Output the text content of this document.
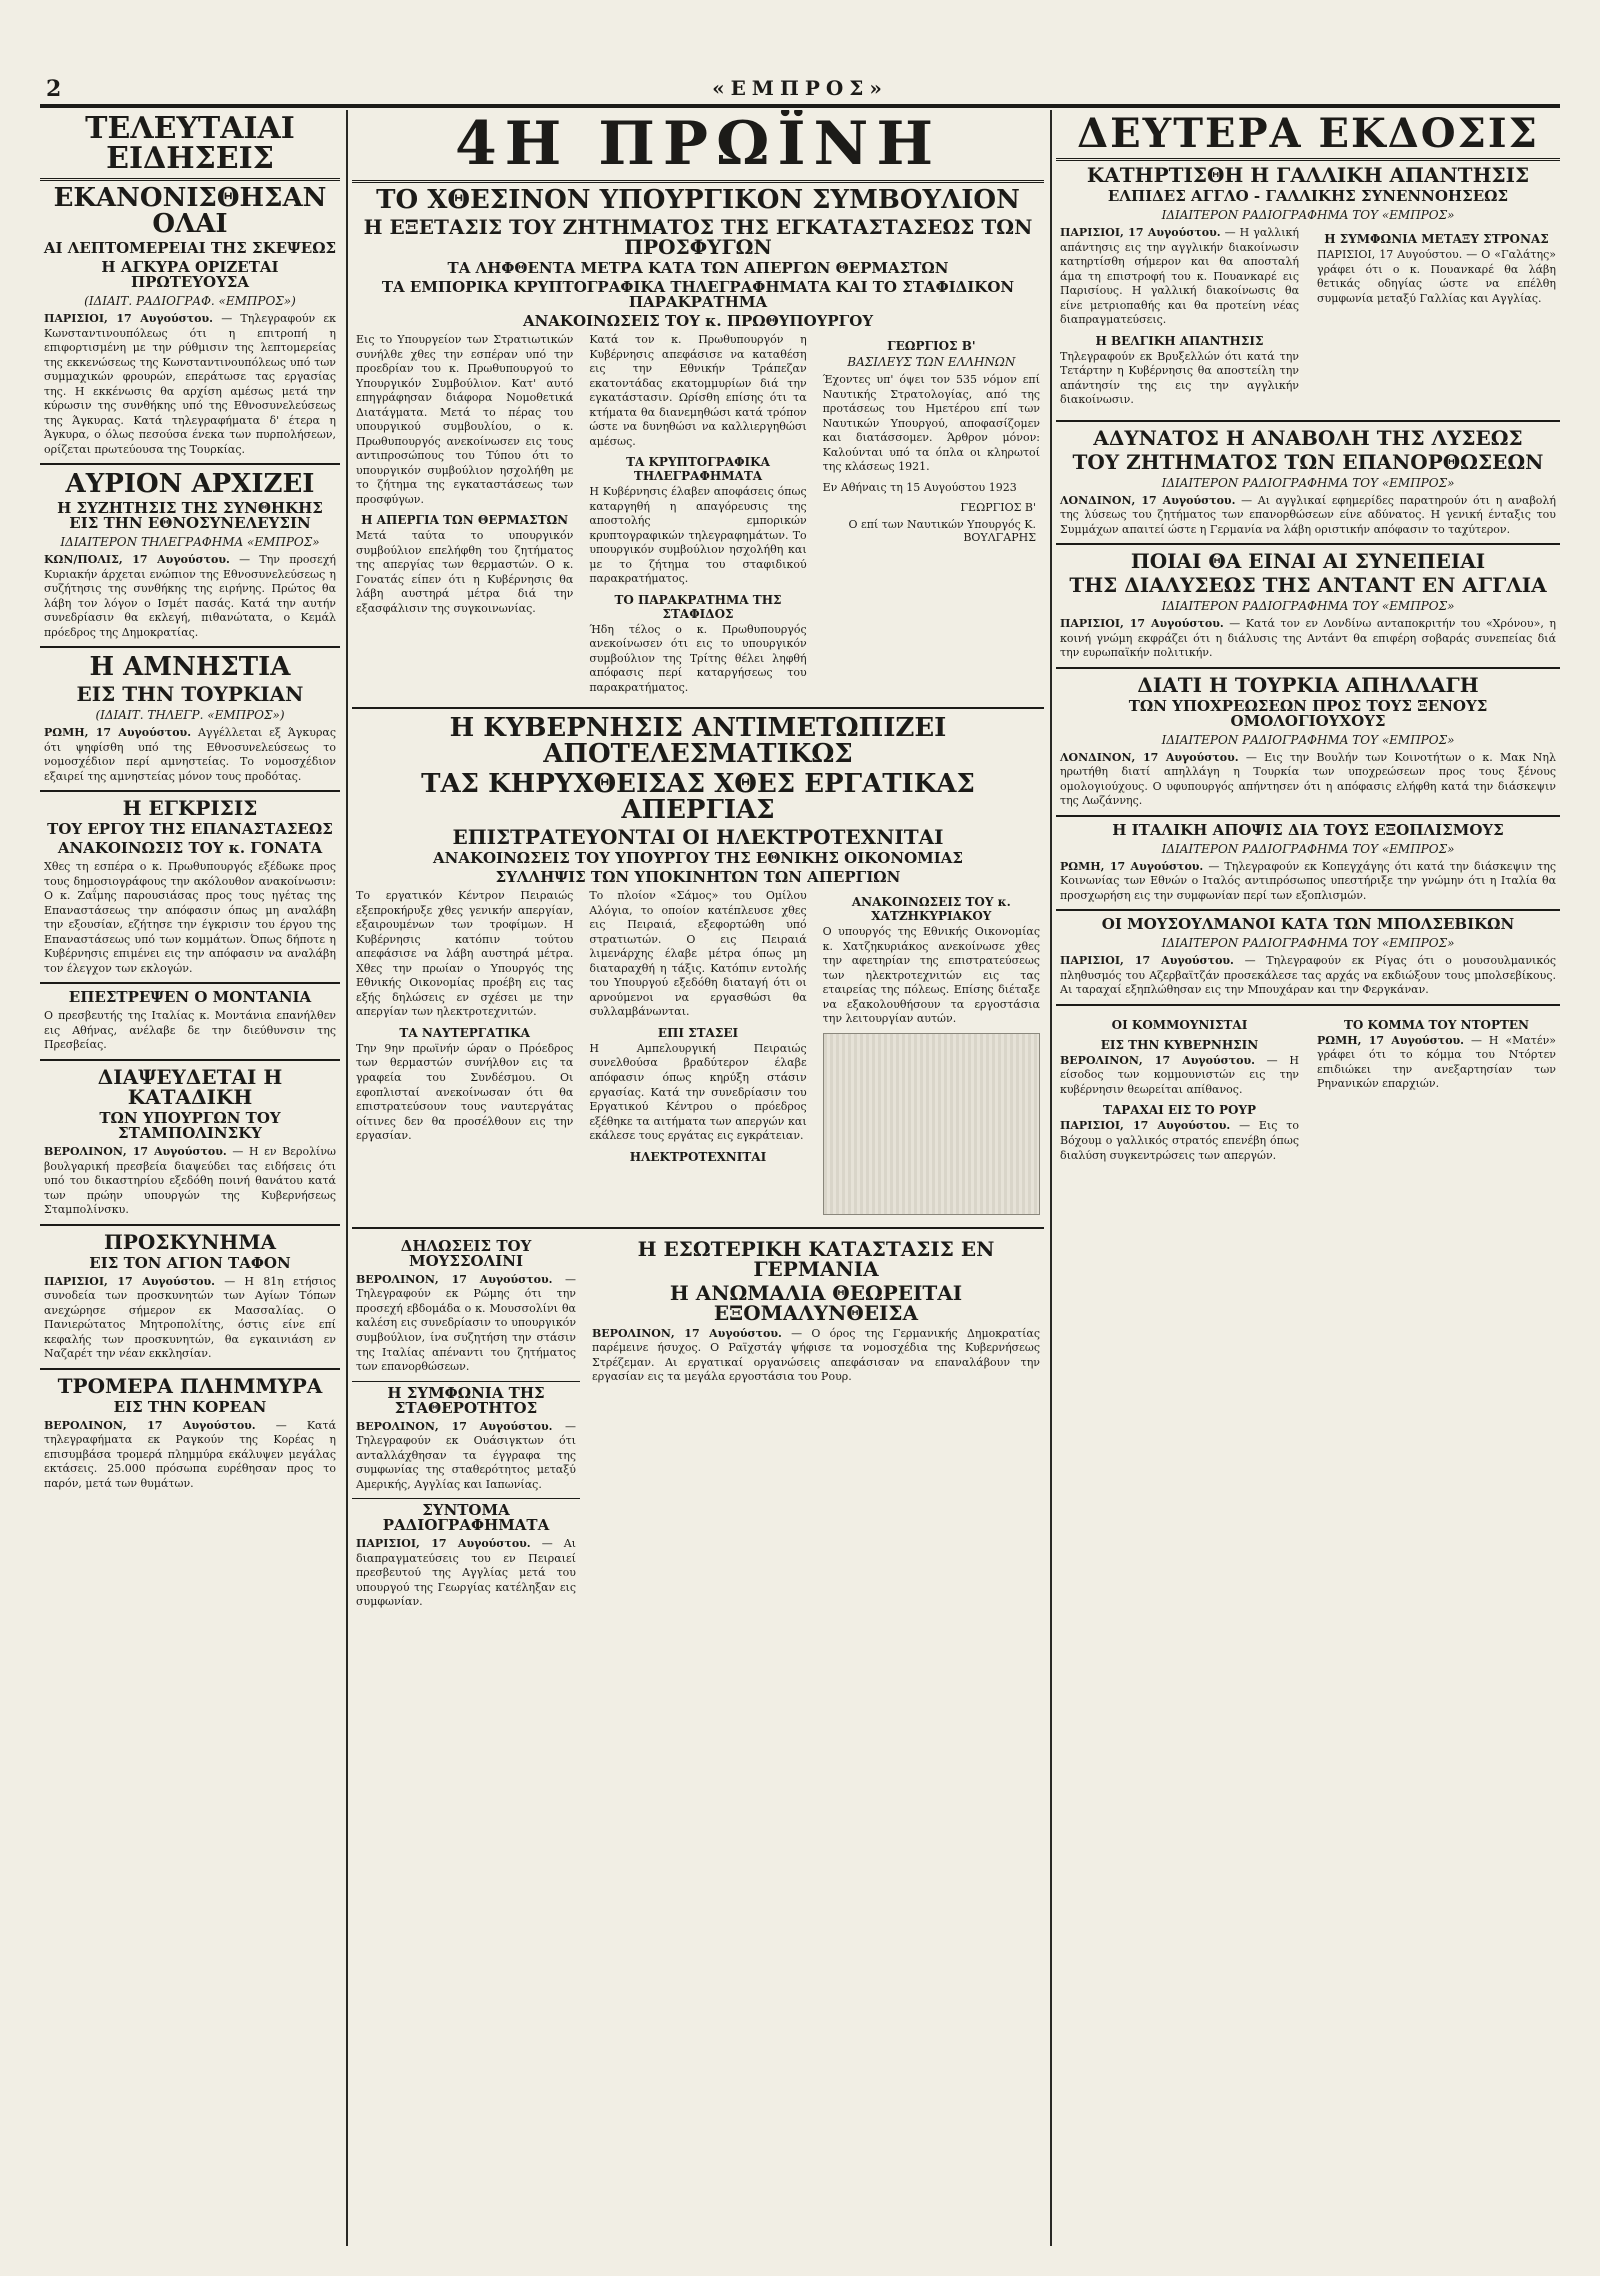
2	«ΕΜΠΡΟΣ»
ΤΕΛΕΥΤΑΙΑΙ ΕΙΔΗΣΕΙΣ
ΕΚΑΝΟΝΙΣΘΗΣΑΝ ΟΛΑΙ
ΑΙ ΛΕΠΤΟΜΕΡΕΙΑΙ ΤΗΣ ΣΚΕΨΕΩΣ
Η ΑΓΚΥΡΑ ΟΡΙΖΕΤΑΙ ΠΡΩΤΕΥΟΥΣΑ
(ΙΔΙΑΙΤ. ΡΑΔΙΟΓΡΑΦ. «ΕΜΠΡΟΣ»)

ΠΑΡΙΣΙΟΙ, 17 Αυγούστου. — Τηλεγραφούν εκ Κωνσταντινουπόλεως ότι η επιτροπή η επιφορτισμένη με την ρύθμισιν της λεπτομερείας της εκκενώσεως της Κωνσταντινουπόλεως υπό των συμμαχικών φρουρών, επεράτωσε τας εργασίας της. Η εκκένωσις θα αρχίση αμέσως μετά την κύρωσιν της συνθήκης υπό της Εθνοσυνελεύσεως της Άγκυρας. Κατά τηλεγραφήματα δ' έτερα η Άγκυρα, ο όλως πεσούσα ένεκα των πυρπολήσεων, ορίζεται πρωτεύουσα της Τουρκίας.

ΑΥΡΙΟΝ ΑΡΧΙΖΕΙ
Η ΣΥΖΗΤΗΣΙΣ ΤΗΣ ΣΥΝΘΗΚΗΣ ΕΙΣ ΤΗΝ ΕΘΝΟΣΥΝΕΛΕΥΣΙΝ
ΙΔΙΑΙΤΕΡΟΝ ΤΗΛΕΓΡΑΦΗΜΑ «ΕΜΠΡΟΣ»

ΚΩΝ/ΠΟΛΙΣ, 17 Αυγούστου. — Την προσεχή Κυριακήν άρχεται ενώπιον της Εθνοσυνελεύσεως η συζήτησις της συνθήκης της ειρήνης. Πρώτος θα λάβη τον λόγον ο Ισμέτ πασάς. Κατά την αυτήν συνεδρίασιν θα εκλεγή, πιθανώτατα, ο Κεμάλ πρόεδρος της Δημοκρατίας.

Η ΑΜΝΗΣΤΙΑ
ΕΙΣ ΤΗΝ ΤΟΥΡΚΙΑΝ
(ΙΔΙΑΙΤ. ΤΗΛΕΓΡ. «ΕΜΠΡΟΣ»)

ΡΩΜΗ, 17 Αυγούστου. Αγγέλλεται εξ Άγκυρας ότι ψηφίσθη υπό της Εθνοσυνελεύσεως το νομοσχέδιον περί αμνηστείας. Το νομοσχέδιον εξαιρεί της αμνηστείας μόνον τους προδότας.

Η ΕΓΚΡΙΣΙΣ
ΤΟΥ ΕΡΓΟΥ ΤΗΣ ΕΠΑΝΑΣΤΑΣΕΩΣ
ΑΝΑΚΟΙΝΩΣΙΣ ΤΟΥ κ. ΓΟΝΑΤΑ

Χθες τη εσπέρα ο κ. Πρωθυπουργός εξέδωκε προς τους δημοσιογράφους την ακόλουθον ανακοίνωσιν: Ο κ. Ζαΐμης παρουσιάσας προς τους ηγέτας της Επαναστάσεως την απόφασιν όπως μη αναλάβη την εξουσίαν, εζήτησε την έγκρισιν του έργου της Επαναστάσεως υπό των κομμάτων. Όπως δήποτε η Κυβέρνησις επιμένει εις την απόφασιν να αναλάβη τον έλεγχον των εκλογών.

ΕΠΕΣΤΡΕΨΕΝ Ο ΜΟΝΤΑΝΙΑ

Ο πρεσβευτής της Ιταλίας κ. Μοντάνια επανήλθεν εις Αθήνας, ανέλαβε δε την διεύθυνσιν της Πρεσβείας.

ΔΙΑΨΕΥΔΕΤΑΙ Η ΚΑΤΑΔΙΚΗ
ΤΩΝ ΥΠΟΥΡΓΩΝ ΤΟΥ ΣΤΑΜΠΟΛΙΝΣΚΥ

ΒΕΡΟΛΙΝΟΝ, 17 Αυγούστου. — Η εν Βερολίνω βουλγαρική πρεσβεία διαψεύδει τας ειδήσεις ότι υπό του δικαστηρίου εξεδόθη ποινή θανάτου κατά των πρώην υπουργών της Κυβερνήσεως Σταμπολίνσκυ.

ΠΡΟΣΚΥΝΗΜΑ
ΕΙΣ ΤΟΝ ΑΓΙΟΝ ΤΑΦΟΝ

ΠΑΡΙΣΙΟΙ, 17 Αυγούστου. — Η 81η ετήσιος συνοδεία των προσκυνητών των Αγίων Τόπων ανεχώρησε σήμερον εκ Μασσαλίας. Ο Πανιερώτατος Μητροπολίτης, όστις είνε επί κεφαλής των προσκυνητών, θα εγκαινιάση εν Ναζαρέτ την νέαν εκκλησίαν.

ΤΡΟΜΕΡΑ ΠΛΗΜΜΥΡΑ
ΕΙΣ ΤΗΝ ΚΟΡΕΑΝ

ΒΕΡΟΛΙΝΟΝ, 17 Αυγούστου. — Κατά τηλεγραφήματα εκ Ραγκούν της Κορέας η επισυμβάσα τρομερά πλημμύρα εκάλυψεν μεγάλας εκτάσεις. 25.000 πρόσωπα ευρέθησαν προς το παρόν, μετά των θυμάτων.

4Η ΠΡΩΪΝΗ
ΤΟ ΧΘΕΣΙΝΟΝ ΥΠΟΥΡΓΙΚΟΝ ΣΥΜΒΟΥΛΙΟΝ
Η ΕΞΕΤΑΣΙΣ ΤΟΥ ΖΗΤΗΜΑΤΟΣ ΤΗΣ ΕΓΚΑΤΑΣΤΑΣΕΩΣ ΤΩΝ ΠΡΟΣΦΥΓΩΝ
ΤΑ ΛΗΦΘΕΝΤΑ ΜΕΤΡΑ ΚΑΤΑ ΤΩΝ ΑΠΕΡΓΩΝ ΘΕΡΜΑΣΤΩΝ
ΤΑ ΕΜΠΟΡΙΚΑ ΚΡΥΠΤΟΓΡΑΦΙΚΑ ΤΗΛΕΓΡΑΦΗΜΑΤΑ ΚΑΙ ΤΟ ΣΤΑΦΙΔΙΚΟΝ ΠΑΡΑΚΡΑΤΗΜΑ
ΑΝΑΚΟΙΝΩΣΕΙΣ ΤΟΥ κ. ΠΡΩΘΥΠΟΥΡΓΟΥ

Εις το Υπουργείον των Στρατιωτικών συνήλθε χθες την εσπέραν υπό την προεδρίαν του κ. Πρωθυπουργού το Υπουργικόν Συμβούλιον. Κατ' αυτό επηγράφησαν διάφορα Νομοθετικά Διατάγματα. Μετά το πέρας του υπουργικού συμβουλίου, ο κ. Πρωθυπουργός ανεκοίνωσεν εις τους αντιπροσώπους του Τύπου ότι το υπουργικόν συμβούλιον ησχολήθη με το ζήτημα της εγκαταστάσεως των προσφύγων.

Η ΑΠΕΡΓΙΑ ΤΩΝ ΘΕΡΜΑΣΤΩΝ

Μετά ταύτα το υπουργικόν συμβούλιον επελήφθη του ζητήματος της απεργίας των θερμαστών. Ο κ. Γονατάς είπεν ότι η Κυβέρνησις θα λάβη αυστηρά μέτρα διά την εξασφάλισιν της συγκοινωνίας.

Κατά τον κ. Πρωθυπουργόν η Κυβέρνησις απεφάσισε να καταθέση εις την Εθνικήν Τράπεζαν εκατοντάδας εκατομμυρίων διά την εγκατάστασιν. Ωρίσθη επίσης ότι τα κτήματα θα διανεμηθώσι κατά τρόπον ώστε να δυνηθώσι να καλλιεργηθώσι αμέσως.

ΤΑ ΚΡΥΠΤΟΓΡΑΦΙΚΑ ΤΗΛΕΓΡΑΦΗΜΑΤΑ

Η Κυβέρνησις έλαβεν αποφάσεις όπως καταργηθή η απαγόρευσις της αποστολής εμπορικών κρυπτογραφικών τηλεγραφημάτων. Το υπουργικόν συμβούλιον ησχολήθη και με το ζήτημα του σταφιδικού παρακρατήματος.

ΤΟ ΠΑΡΑΚΡΑΤΗΜΑ ΤΗΣ ΣΤΑΦΙΔΟΣ

Ήδη τέλος ο κ. Πρωθυπουργός ανεκοίνωσεν ότι εις το υπουργικόν συμβούλιον της Τρίτης θέλει ληφθή απόφασις περί καταργήσεως του παρακρατήματος.

ΓΕΩΡΓΙΟΣ Β'
ΒΑΣΙΛΕΥΣ ΤΩΝ ΕΛΛΗΝΩΝ

Έχοντες υπ' όψει τον 535 νόμον επί Ναυτικής Στρατολογίας, από της προτάσεως του Ημετέρου επί των Ναυτικών Υπουργού, αποφασίζομεν και διατάσσομεν. Άρθρον μόνον: Καλούνται υπό τα όπλα οι κληρωτοί της κλάσεως 1921.

Εν Αθήναις τη 15 Αυγούστου 1923

ΓΕΩΡΓΙΟΣ Β'
Ο επί των Ναυτικών Υπουργός Κ. ΒΟΥΛΓΑΡΗΣ
Η ΚΥΒΕΡΝΗΣΙΣ ΑΝΤΙΜΕΤΩΠΙΖΕΙ ΑΠΟΤΕΛΕΣΜΑΤΙΚΩΣ
ΤΑΣ ΚΗΡΥΧΘΕΙΣΑΣ ΧΘΕΣ ΕΡΓΑΤΙΚΑΣ ΑΠΕΡΓΙΑΣ
ΕΠΙΣΤΡΑΤΕΥΟΝΤΑΙ ΟΙ ΗΛΕΚΤΡΟΤΕΧΝΙΤΑΙ
ΑΝΑΚΟΙΝΩΣΕΙΣ ΤΟΥ ΥΠΟΥΡΓΟΥ ΤΗΣ ΕΘΝΙΚΗΣ ΟΙΚΟΝΟΜΙΑΣ
ΣΥΛΛΗΨΙΣ ΤΩΝ ΥΠΟΚΙΝΗΤΩΝ ΤΩΝ ΑΠΕΡΓΙΩΝ

Το εργατικόν Κέντρον Πειραιώς εξεπροκήρυξε χθες γενικήν απεργίαν, εξαιρουμένων των τροφίμων. Η Κυβέρνησις κατόπιν τούτου απεφάσισε να λάβη αυστηρά μέτρα. Χθες την πρωίαν ο Υπουργός της Εθνικής Οικονομίας προέβη εις τας εξής δηλώσεις εν σχέσει με την απεργίαν των ηλεκτροτεχνιτών.

ΤΑ ΝΑΥΤΕΡΓΑΤΙΚΑ

Την 9ην πρωϊνήν ώραν ο Πρόεδρος των θερμαστών συνήλθον εις τα γραφεία του Συνδέσμου. Οι εφοπλισταί ανεκοίνωσαν ότι θα επιστρατεύσουν τους ναυτεργάτας οίτινες δεν θα προσέλθουν εις την εργασίαν.

Το πλοίον «Σάμος» του Ομίλου Αλόγια, το οποίον κατέπλευσε χθες εις Πειραιά, εξεφορτώθη υπό στρατιωτών. Ο εις Πειραιά λιμενάρχης έλαβε μέτρα όπως μη διαταραχθή η τάξις. Κατόπιν εντολής του Υπουργού εξεδόθη διαταγή ότι οι αρνούμενοι να εργασθώσι θα συλλαμβάνωνται.

ΕΠΙ ΣΤΑΣΕΙ

Η Αμπελουργική Πειραιώς συνελθούσα βραδύτερον έλαβε απόφασιν όπως κηρύξη στάσιν εργασίας. Κατά την συνεδρίασιν του Εργατικού Κέντρου ο πρόεδρος εξέθηκε τα αιτήματα των απεργών και εκάλεσε τους εργάτας εις εγκράτειαν.

ΗΛΕΚΤΡΟΤΕΧΝΙΤΑΙ
ΑΝΑΚΟΙΝΩΣΕΙΣ ΤΟΥ κ. ΧΑΤΖΗΚΥΡΙΑΚΟΥ

Ο υπουργός της Εθνικής Οικονομίας κ. Χατζηκυριάκος ανεκοίνωσε χθες την αφετηρίαν της επιστρατεύσεως των ηλεκτροτεχνιτών εις τας εταιρείας της πόλεως. Επίσης διέταξε να εξακολουθήσουν τα εργοστάσια την λειτουργίαν αυτών.

ΔΗΛΩΣΕΙΣ ΤΟΥ ΜΟΥΣΣΟΛΙΝΙ

ΒΕΡΟΛΙΝΟΝ, 17 Αυγούστου. — Τηλεγραφούν εκ Ρώμης ότι την προσεχή εβδομάδα ο κ. Μουσσολίνι θα καλέση εις συνεδρίασιν το υπουργικόν συμβούλιον, ίνα συζητήση την στάσιν της Ιταλίας απέναντι του ζητήματος των επανορθώσεων.

Η ΣΥΜΦΩΝΙΑ ΤΗΣ ΣΤΑΘΕΡΟΤΗΤΟΣ

ΒΕΡΟΛΙΝΟΝ, 17 Αυγούστου. — Τηλεγραφούν εκ Ουάσιγκτων ότι ανταλλάχθησαν τα έγγραφα της συμφωνίας της σταθερότητος μεταξύ Αμερικής, Αγγλίας και Ιαπωνίας.

ΣΥΝΤΟΜΑ ΡΑΔΙΟΓΡΑΦΗΜΑΤΑ

ΠΑΡΙΣΙΟΙ, 17 Αυγούστου. — Αι διαπραγματεύσεις του εν Πειραιεί πρεσβευτού της Αγγλίας μετά του υπουργού της Γεωργίας κατέληξαν εις συμφωνίαν.

Η ΕΣΩΤΕΡΙΚΗ ΚΑΤΑΣΤΑΣΙΣ ΕΝ ΓΕΡΜΑΝΙΑ
Η ΑΝΩΜΑΛΙΑ ΘΕΩΡΕΙΤΑΙ ΕΞΟΜΑΛΥΝΘΕΙΣΑ

ΒΕΡΟΛΙΝΟΝ, 17 Αυγούστου. — Ο όρος της Γερμανικής Δημοκρατίας παρέμεινε ήσυχος. Ο Ραϊχστάγ ψήφισε τα νομοσχέδια της Κυβερνήσεως Στρέζεμαν. Αι εργατικαί οργανώσεις απεφάσισαν να επαναλάβουν την εργασίαν εις τα μεγάλα εργοστάσια του Ρουρ.

ΔΕΥΤΕΡΑ ΕΚΔΟΣΙΣ
ΚΑΤΗΡΤΙΣΘΗ Η ΓΑΛΛΙΚΗ ΑΠΑΝΤΗΣΙΣ
ΕΛΠΙΔΕΣ ΑΓΓΛΟ - ΓΑΛΛΙΚΗΣ ΣΥΝΕΝΝΟΗΣΕΩΣ
ΙΔΙΑΙΤΕΡΟΝ ΡΑΔΙΟΓΡΑΦΗΜΑ ΤΟΥ «ΕΜΠΡΟΣ»

ΠΑΡΙΣΙΟΙ, 17 Αυγούστου. — Η γαλλική απάντησις εις την αγγλικήν διακοίνωσιν κατηρτίσθη σήμερον και θα αποσταλή άμα τη επιστροφή του κ. Πουανκαρέ εις Παρισίους. Η γαλλική διακοίνωσις θα είνε μετριοπαθής και θα προτείνη νέας διαπραγματεύσεις.

Η ΒΕΛΓΙΚΗ ΑΠΑΝΤΗΣΙΣ

Τηλεγραφούν εκ Βρυξελλών ότι κατά την Τετάρτην η Κυβέρνησις θα αποστείλη την απάντησίν της εις την αγγλικήν διακοίνωσιν.

Η ΣΥΜΦΩΝΙΑ ΜΕΤΑΞΥ ΣΤΡΟΝΑΣ

ΠΑΡΙΣΙΟΙ, 17 Αυγούστου. — Ο «Γαλάτης» γράφει ότι ο κ. Πουανκαρέ θα λάβη θετικάς οδηγίας ώστε να επέλθη συμφωνία μεταξύ Γαλλίας και Αγγλίας.

ΑΔΥΝΑΤΟΣ Η ΑΝΑΒΟΛΗ ΤΗΣ ΛΥΣΕΩΣ
ΤΟΥ ΖΗΤΗΜΑΤΟΣ ΤΩΝ ΕΠΑΝΟΡΘΩΣΕΩΝ
ΙΔΙΑΙΤΕΡΟΝ ΡΑΔΙΟΓΡΑΦΗΜΑ ΤΟΥ «ΕΜΠΡΟΣ»

ΛΟΝΔΙΝΟΝ, 17 Αυγούστου. — Αι αγγλικαί εφημερίδες παρατηρούν ότι η αναβολή της λύσεως του ζητήματος των επανορθώσεων είνε αδύνατος. Η γενική ένταξις του Συμμάχων απαιτεί ώστε η Γερμανία να λάβη οριστικήν απόφασιν το ταχύτερον.

ΠΟΙΑΙ ΘΑ ΕΙΝΑΙ ΑΙ ΣΥΝΕΠΕΙΑΙ
ΤΗΣ ΔΙΑΛΥΣΕΩΣ ΤΗΣ ΑΝΤΑΝΤ ΕΝ ΑΓΓΛΙΑ
ΙΔΙΑΙΤΕΡΟΝ ΡΑΔΙΟΓΡΑΦΗΜΑ ΤΟΥ «ΕΜΠΡΟΣ»

ΠΑΡΙΣΙΟΙ, 17 Αυγούστου. — Κατά τον εν Λονδίνω ανταποκριτήν του «Χρόνου», η κοινή γνώμη εκφράζει ότι η διάλυσις της Αντάντ θα επιφέρη σοβαράς συνεπείας διά την ευρωπαϊκήν πολιτικήν.

ΔΙΑΤΙ Η ΤΟΥΡΚΙΑ ΑΠΗΛΛΑΓΗ
ΤΩΝ ΥΠΟΧΡΕΩΣΕΩΝ ΠΡΟΣ ΤΟΥΣ ΞΕΝΟΥΣ ΟΜΟΛΟΓΙΟΥΧΟΥΣ
ΙΔΙΑΙΤΕΡΟΝ ΡΑΔΙΟΓΡΑΦΗΜΑ ΤΟΥ «ΕΜΠΡΟΣ»

ΛΟΝΔΙΝΟΝ, 17 Αυγούστου. — Εις την Βουλήν των Κοινοτήτων ο κ. Μακ Νηλ ηρωτήθη διατί απηλλάγη η Τουρκία των υποχρεώσεων προς τους ξένους ομολογιούχους. Ο υφυπουργός απήντησεν ότι η απόφασις ελήφθη κατά την διάσκεψιν της Λωζάννης.

Η ΙΤΑΛΙΚΗ ΑΠΟΨΙΣ ΔΙΑ ΤΟΥΣ ΕΞΟΠΛΙΣΜΟΥΣ
ΙΔΙΑΙΤΕΡΟΝ ΡΑΔΙΟΓΡΑΦΗΜΑ ΤΟΥ «ΕΜΠΡΟΣ»

ΡΩΜΗ, 17 Αυγούστου. — Τηλεγραφούν εκ Κοπεγχάγης ότι κατά την διάσκεψιν της Κοινωνίας των Εθνών ο Ιταλός αντιπρόσωπος υπεστήριξε την γνώμην ότι η Ιταλία θα προσχωρήση εις την συμφωνίαν περί των εξοπλισμών.

ΟΙ ΜΟΥΣΟΥΛΜΑΝΟΙ ΚΑΤΑ ΤΩΝ ΜΠΟΛΣΕΒΙΚΩΝ
ΙΔΙΑΙΤΕΡΟΝ ΡΑΔΙΟΓΡΑΦΗΜΑ ΤΟΥ «ΕΜΠΡΟΣ»

ΠΑΡΙΣΙΟΙ, 17 Αυγούστου. — Τηλεγραφούν εκ Ρίγας ότι ο μουσουλμανικός πληθυσμός του Αζερβαϊτζάν προσεκάλεσε τας αρχάς να εκδιώξουν τους μπολσεβίκους. Αι ταραχαί εξηπλώθησαν εις την Μπουχάραν και την Φεργκάναν.

ΟΙ ΚΟΜΜΟΥΝΙΣΤΑΙ
ΕΙΣ ΤΗΝ ΚΥΒΕΡΝΗΣΙΝ

ΒΕΡΟΛΙΝΟΝ, 17 Αυγούστου. — Η είσοδος των κομμουνιστών εις την κυβέρνησιν θεωρείται απίθανος.

ΤΑΡΑΧΑΙ ΕΙΣ ΤΟ ΡΟΥΡ

ΠΑΡΙΣΙΟΙ, 17 Αυγούστου. — Εις το Βόχουμ ο γαλλικός στρατός επενέβη όπως διαλύση συγκεντρώσεις των απεργών.

ΤΟ ΚΟΜΜΑ ΤΟΥ ΝΤΟΡΤΕΝ

ΡΩΜΗ, 17 Αυγούστου. — Η «Ματέν» γράφει ότι το κόμμα του Ντόρτεν επιδιώκει την ανεξαρτησίαν των Ρηνανικών επαρχιών.
